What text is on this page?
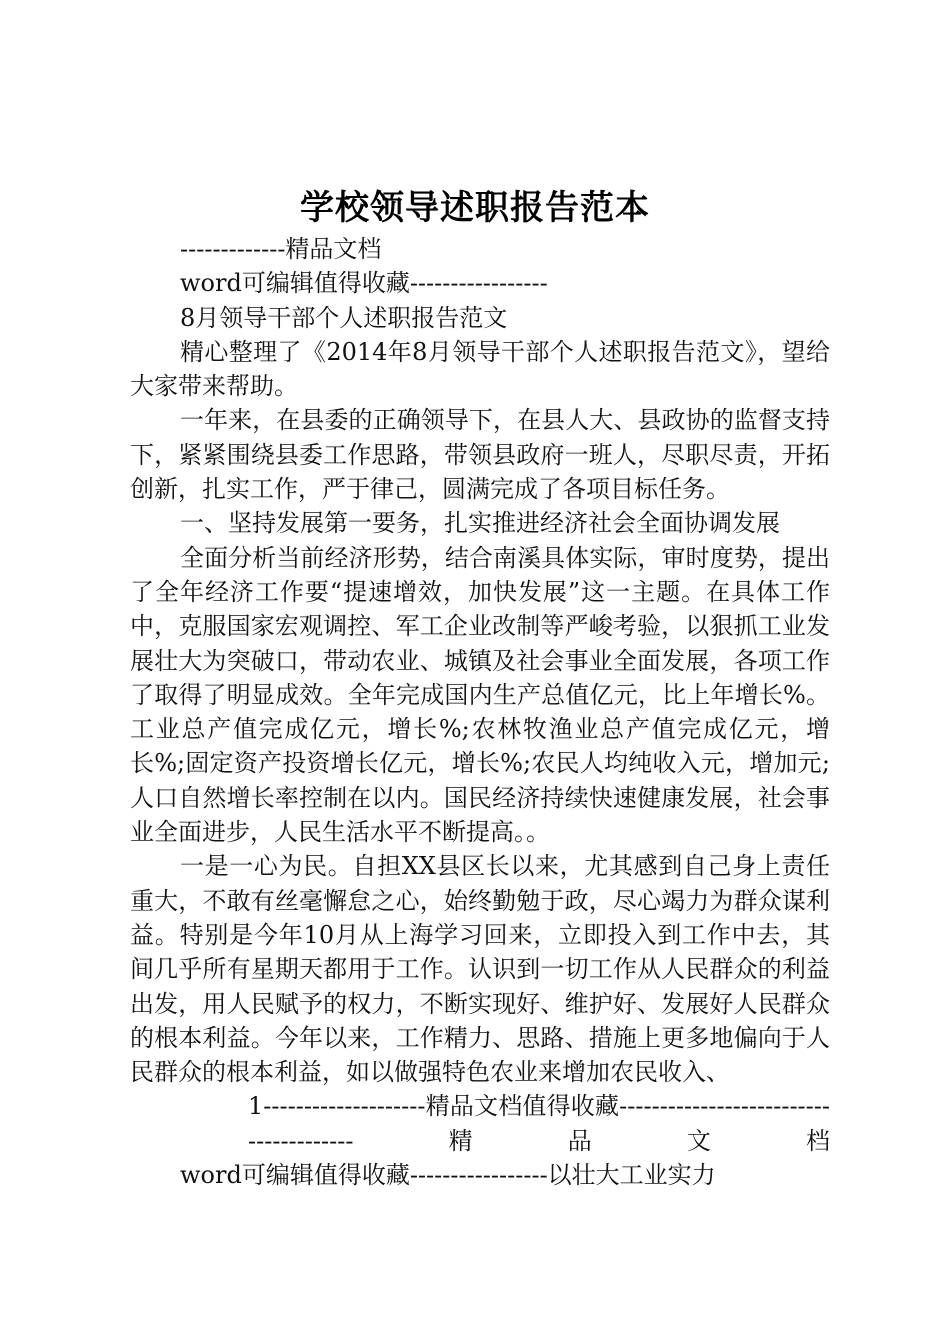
学校领导述职报告范本

-------------精品文档

word可编辑值得收藏-----------------

8月领导干部个人述职报告范文

精心整理了《2014年8月领导干部个人述职报告范文》，望给大家带来帮助。

一年来，在县委的正确领导下，在县人大、县政协的监督支持下，紧紧围绕县委工作思路，带领县政府一班人，尽职尽责，开拓创新，扎实工作，严于律己，圆满完成了各项目标任务。

一、坚持发展第一要务，扎实推进经济社会全面协调发展

全面分析当前经济形势，结合南溪具体实际，审时度势，提出了全年经济工作要“提速增效，加快发展”这一主题。在具体工作中，克服国家宏观调控、军工企业改制等严峻考验，以狠抓工业发展壮大为突破口，带动农业、城镇及社会事业全面发展，各项工作了取得了明显成效。全年完成国内生产总值亿元，比上年增长%。工业总产值完成亿元，增长%;农林牧渔业总产值完成亿元，增长%;固定资产投资增长亿元，增长%;农民人均纯收入元，增加元;人口自然增长率控制在以内。国民经济持续快速健康发展，社会事业全面进步，人民生活水平不断提高。。

一是一心为民。自担XX县区长以来，尤其感到自己身上责任重大，不敢有丝毫懈怠之心，始终勤勉于政，尽心竭力为群众谋利益。特别是今年10月从上海学习回来，立即投入到工作中去，其间几乎所有星期天都用于工作。认识到一切工作从人民群众的利益出发，用人民赋予的权力，不断实现好、维护好、发展好人民群众的根本利益。今年以来，工作精力、思路、措施上更多地偏向于人民群众的根本利益，如以做强特色农业来增加农民收入、

1--------------------精品文档值得收藏---------------------------------------精品文档

word可编辑值得收藏-----------------以壮大工业实力
